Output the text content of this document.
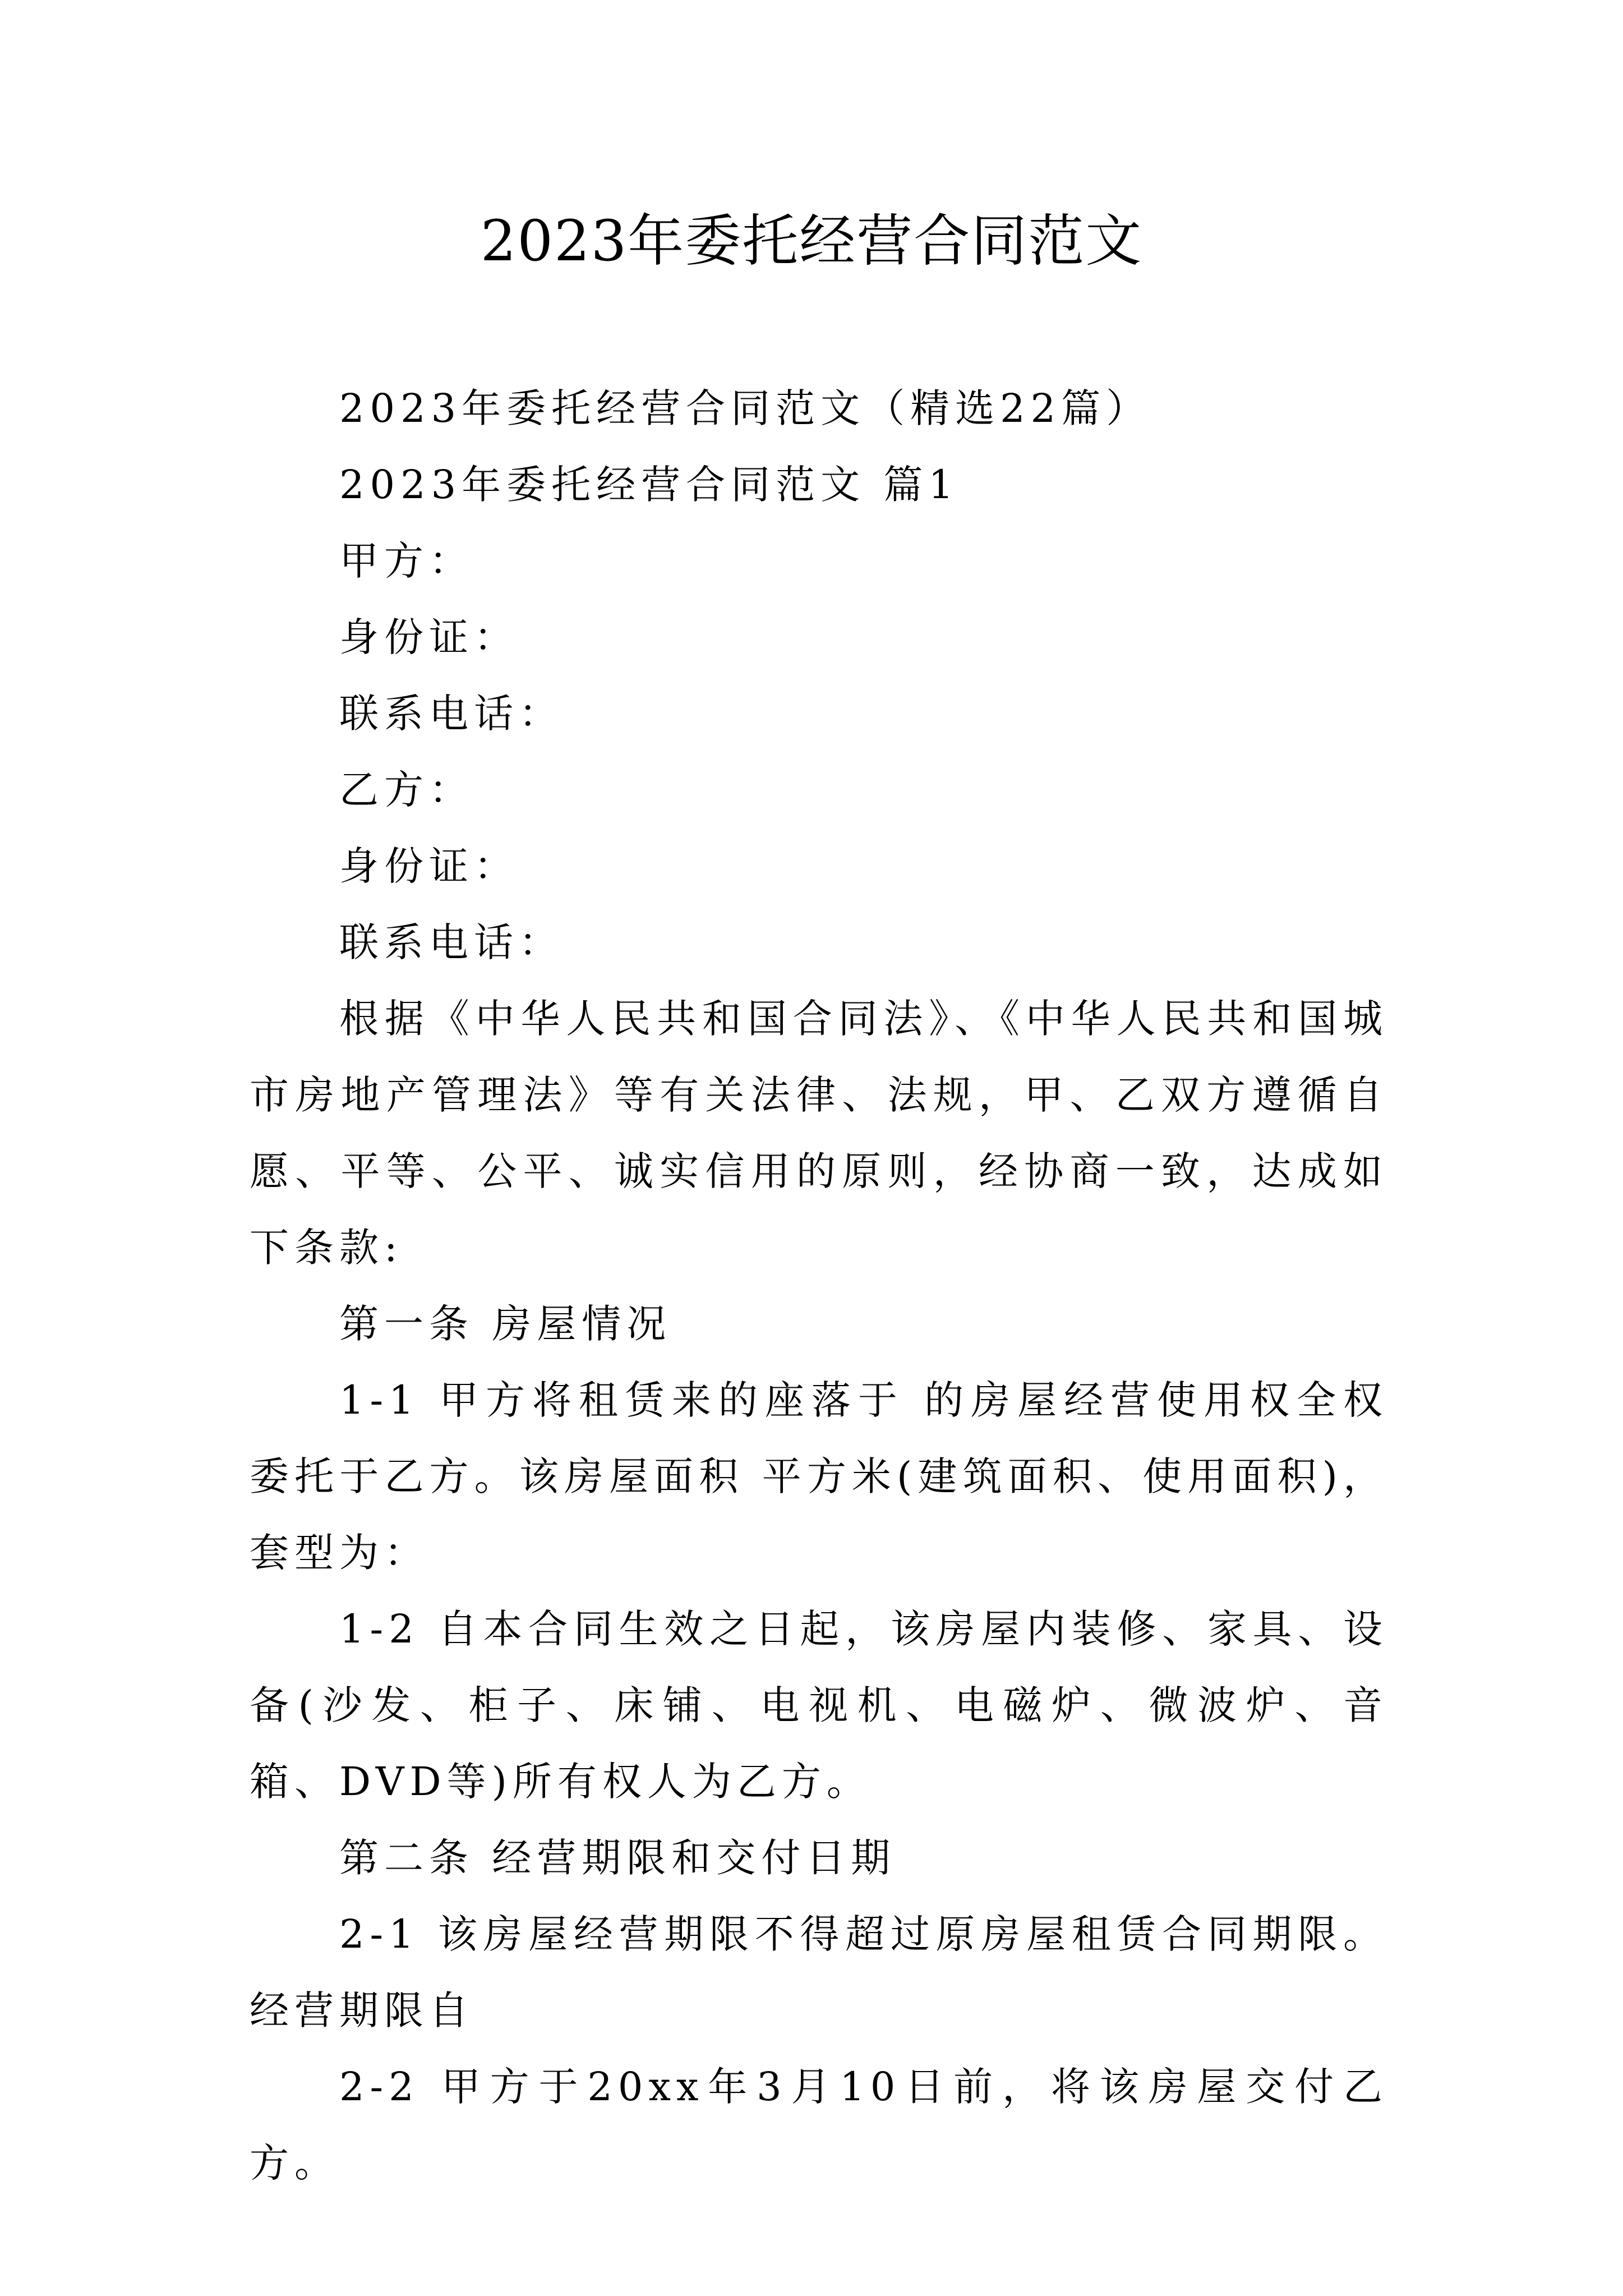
2023年委托经营合同范文

2023年委托经营合同范文（精选22篇）

2023年委托经营合同范文 篇1

甲方：

身份证：

联系电话：

乙方：

身份证：

联系电话：

根据《中华人民共和国合同法》、《中华人民共和国城市房地产管理法》等有关法律、法规，甲、乙双方遵循自愿、平等、公平、诚实信用的原则，经协商一致，达成如下条款:

第一条 房屋情况

1-1 甲方将租赁来的座落于 的房屋经营使用权全权委托于乙方。该房屋面积 平方米(建筑面积、使用面积)，套型为：

1-2 自本合同生效之日起，该房屋内装修、家具、设备(沙发、柜子、床铺、电视机、电磁炉、微波炉、音箱、DVD等)所有权人为乙方。

第二条 经营期限和交付日期

2-1 该房屋经营期限不得超过原房屋租赁合同期限。经营期限自

2-2 甲方于20xx年3月10日前，将该房屋交付乙方。
